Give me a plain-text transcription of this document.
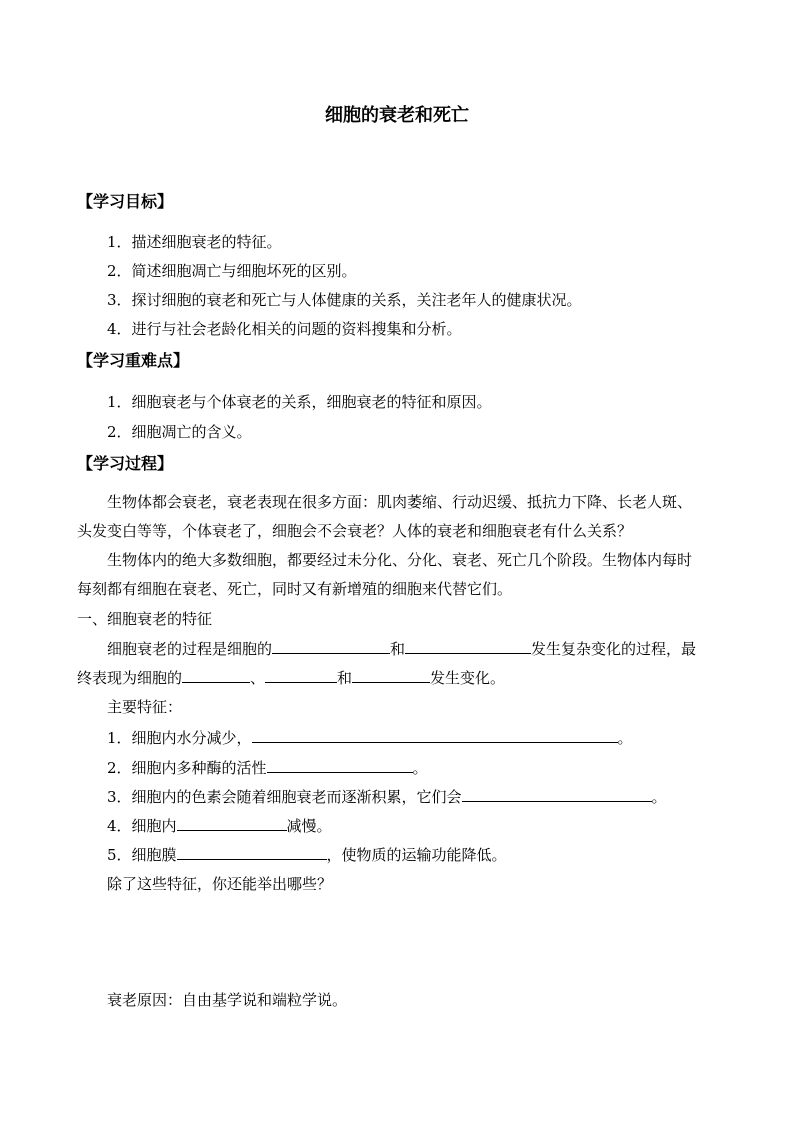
细胞的衰老和死亡
【学习目标】
1．描述细胞衰老的特征。
2．简述细胞凋亡与细胞坏死的区别。
3．探讨细胞的衰老和死亡与人体健康的关系，关注老年人的健康状况。
4．进行与社会老龄化相关的问题的资料搜集和分析。
【学习重难点】
1．细胞衰老与个体衰老的关系，细胞衰老的特征和原因。
2．细胞凋亡的含义。
【学习过程】
生物体都会衰老，衰老表现在很多方面：肌肉萎缩、行动迟缓、抵抗力下降、长老人斑、
头发变白等等，个体衰老了，细胞会不会衰老？人体的衰老和细胞衰老有什么关系？
生物体内的绝大多数细胞，都要经过未分化、分化、衰老、死亡几个阶段。生物体内每时
每刻都有细胞在衰老、死亡，同时又有新增殖的细胞来代替它们。
一、细胞衰老的特征
细胞衰老的过程是细胞的	和	发生复杂变化的过程，最
终表现为细胞的	、	和	发生变化。
主要特征：
1．细胞内水分减少，	。
2．细胞内多种酶的活性	。
3．细胞内的色素会随着细胞衰老而逐渐积累，它们会	。
4．细胞内	减慢。
5．细胞膜	，使物质的运输功能降低。
除了这些特征，你还能举出哪些？
衰老原因：自由基学说和端粒学说。
